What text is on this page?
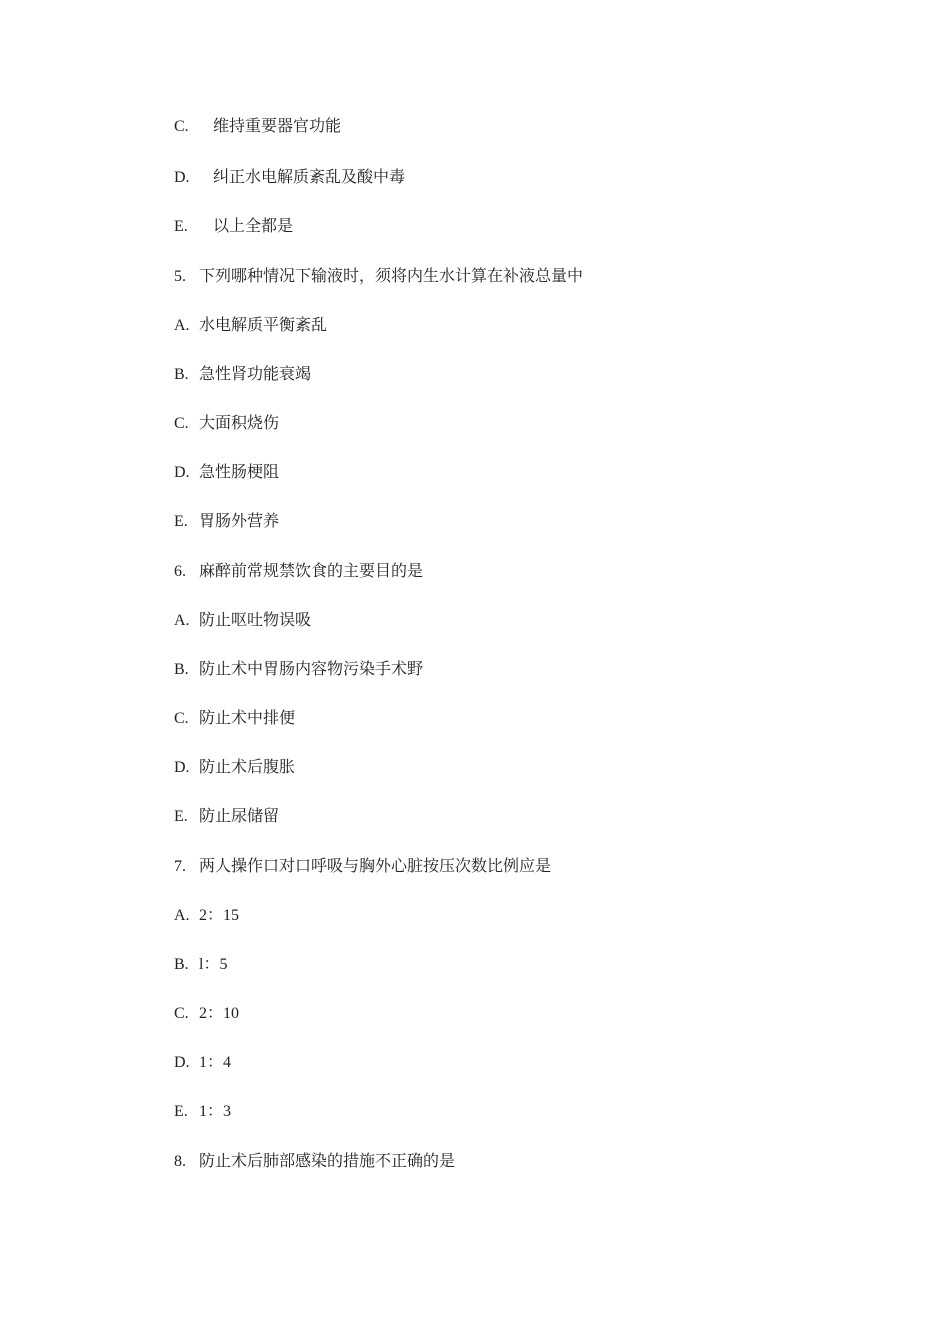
C. 维持重要器官功能
D. 纠正水电解质紊乱及酸中毒
E. 以上全都是
5. 下列哪种情况下输液时，须将内生水计算在补液总量中
A. 水电解质平衡紊乱
B. 急性肾功能衰竭
C. 大面积烧伤
D. 急性肠梗阻
E. 胃肠外营养
6. 麻醉前常规禁饮食的主要目的是
A. 防止呕吐物误吸
B. 防止术中胃肠内容物污染手术野
C. 防止术中排便
D. 防止术后腹胀
E. 防止尿储留
7. 两人操作口对口呼吸与胸外心脏按压次数比例应是
A. 2：15
B. l：5
C. 2：10
D. 1：4
E. 1：3
8. 防止术后肺部感染的措施不正确的是
